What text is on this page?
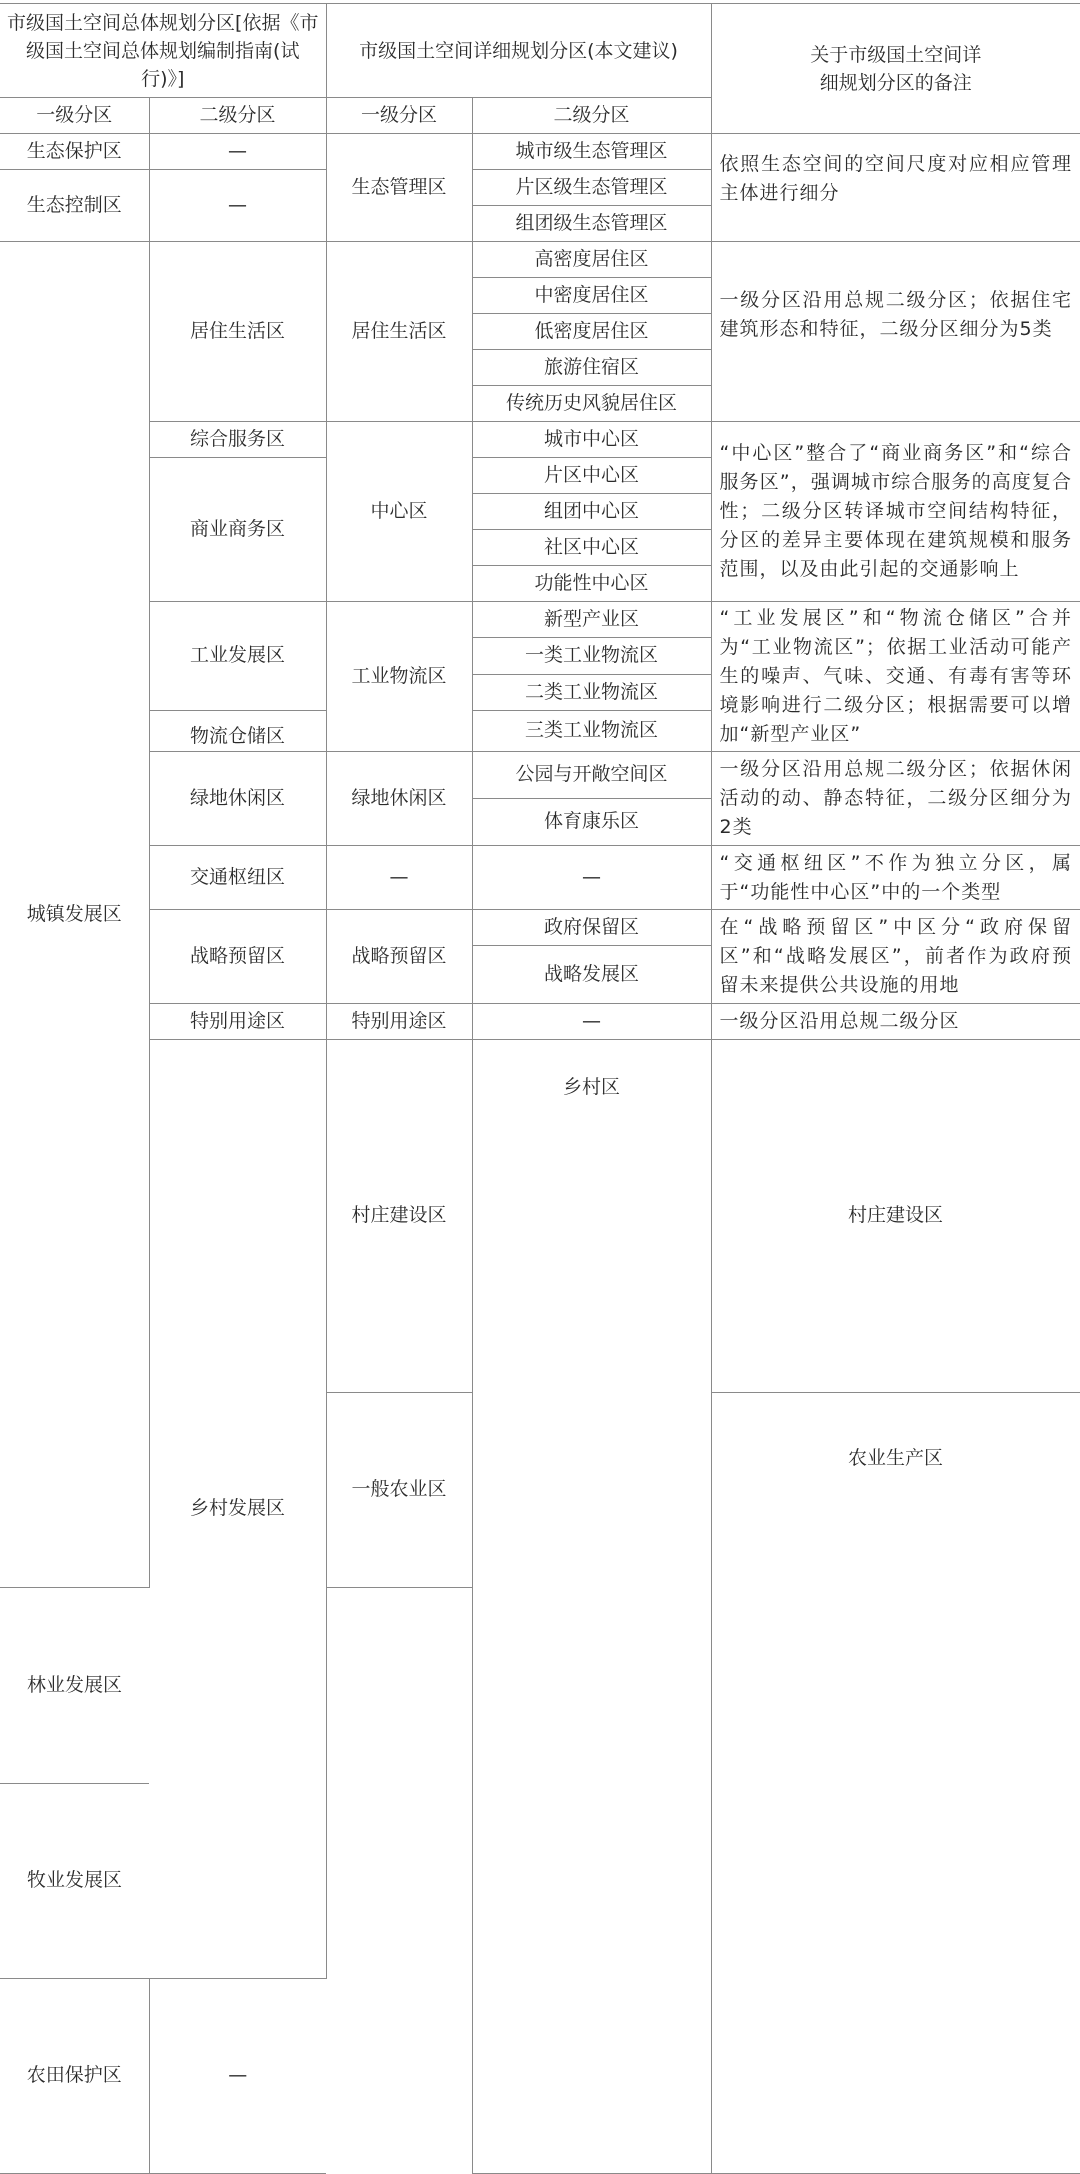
市级国土空间总体规划分区[依据《市级国土空间总体规划编制指南(试行)》]		市级国土空间详细规划分区(本文建议)		关于市级国土空间详细规划分区的备注	
一级分区	二级分区	一级分区	二级分区		
生态保护区	—	生态管理区	城市级生态管理区	依照生态空间的空间尺度对应相应管理主体进行细分	
生态控制区	—		片区级生态管理区		
			组团级生态管理区		
城镇发展区	居住生活区	居住生活区	高密度居住区	一级分区沿用总规二级分区；依据住宅建筑形态和特征，二级分区细分为5类	
			中密度居住区		
			低密度居住区		
			旅游住宿区		
			传统历史风貌居住区		
	综合服务区	中心区	城市中心区	“中心区”整合了“商业商务区”和“综合服务区”，强调城市综合服务的高度复合性；二级分区转译城市空间结构特征，分区的差异主要体现在建筑规模和服务范围，以及由此引起的交通影响上	
	商业商务区		片区中心区		
			组团中心区		
			社区中心区		
			功能性中心区		
	工业发展区	工业物流区	新型产业区	“工业发展区”和“物流仓储区”合并为“工业物流区”；依据工业活动可能产生的噪声、气味、交通、有毒有害等环境影响进行二级分区；根据需要可以增加“新型产业区”	
			一类工业物流区		
			二类工业物流区		
	物流仓储区		三类工业物流区		
	绿地休闲区	绿地休闲区	公园与开敞空间区	一级分区沿用总规二级分区；依据休闲活动的动、静态特征，二级分区细分为2类	
			体育康乐区		
	交通枢纽区	—	—	“交通枢纽区”不作为独立分区，属于“功能性中心区”中的一个类型	
	战略预留区	战略预留区	政府保留区	在“战略预留区”中区分“政府保留区”和“战略发展区”，前者作为政府预留未来提供公共设施的用地	
			战略发展区		
	特别用途区	特别用途区	—	一级分区沿用总规二级分区	
	乡村发展区	村庄建设区	乡村区	村庄建设区	
		一般农业区		农业生产区	
林业发展区					
牧业发展区					
农田保护区	—				
